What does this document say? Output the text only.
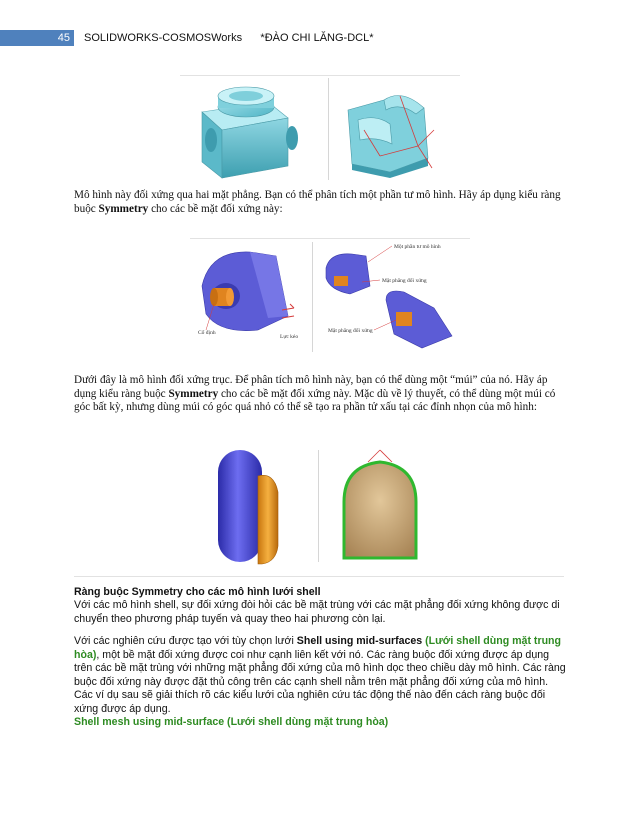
45	SOLIDWORKS-COSMOSWorks      *ĐÀO CHI LĂNG-DCL*
Mô hình này đối xứng qua hai mặt phẳng. Bạn có thể phân tích một phần tư mô hình. Hãy áp dụng kiểu ràng buộc Symmetry cho các bề mặt đối xứng này:
Cố định
Lực kéo
Một phần tư mô hình
Mặt phẳng đối xứng
Mặt phẳng đối xứng
Dưới đây là mô hình đối xứng trục. Để phân tích mô hình này, bạn có thể dùng một “múi” của nó. Hãy áp dụng kiểu ràng buộc Symmetry cho các bề mặt đối xứng này. Mặc dù về lý thuyết, có thể dùng một múi có góc bất kỳ, nhưng dùng múi có góc quá nhỏ có thể sẽ tạo ra phần tử xấu tại các đỉnh nhọn của mô hình:
Ràng buộc Symmetry cho các mô hình lưới shell
Với các mô hình shell, sự đối xứng đòi hỏi các bề mặt trùng với các mặt phẳng đối xứng không được di chuyển theo phương pháp tuyến và quay theo hai phương còn lại.
Với các nghiên cứu được tạo với tùy chọn lưới Shell using mid-surfaces (Lưới shell dùng mặt trung hòa), một bề mặt đối xứng được coi như cạnh liên kết với nó. Các ràng buộc đối xứng được áp dụng trên các bề mặt trùng với những mặt phẳng đối xứng của mô hình dọc theo chiều dày mô hình. Các ràng buộc đối xứng này được đặt thủ công trên các cạnh shell nằm trên mặt phẳng đối xứng của mô hình. Các ví dụ sau sẽ giải thích rõ các kiểu lưới của nghiên cứu tác động thế nào đến cách ràng buộc đối xứng được áp dụng.
Shell mesh using mid-surface (Lưới shell dùng mặt trung hòa)
